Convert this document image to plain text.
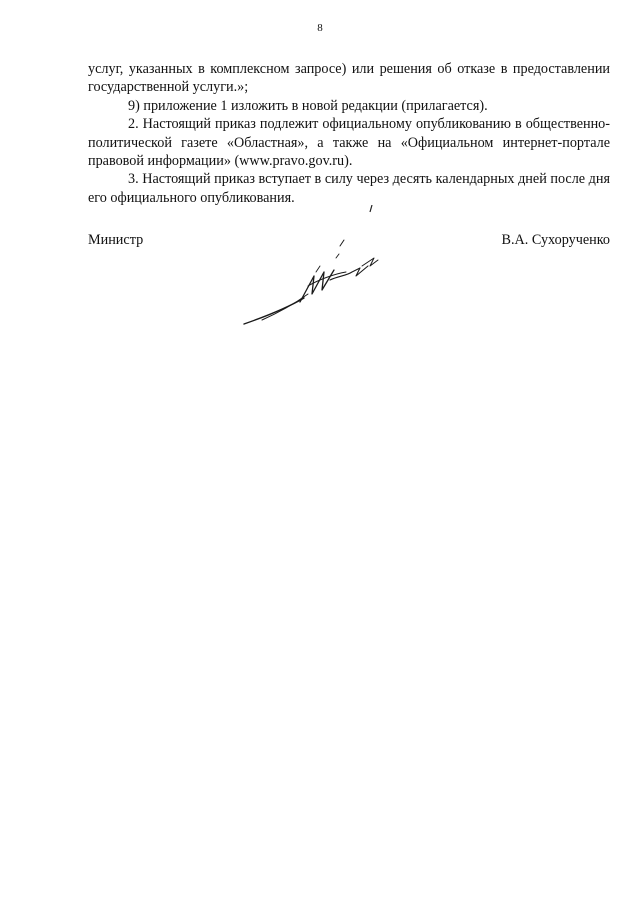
8

услуг, указанных в комплексном запросе) или решения об отказе в предоставлении государственной услуги.»;

9) приложение 1 изложить в новой редакции (прилагается).

2. Настоящий приказ подлежит официальному опубликованию в общественно-политической газете «Областная», а также на «Официальном интернет-портале правовой информации» (www.pravo.gov.ru).

3. Настоящий приказ вступает в силу через десять календарных дней после дня его официального опубликования.

Министр	В.А. Сухорученко
